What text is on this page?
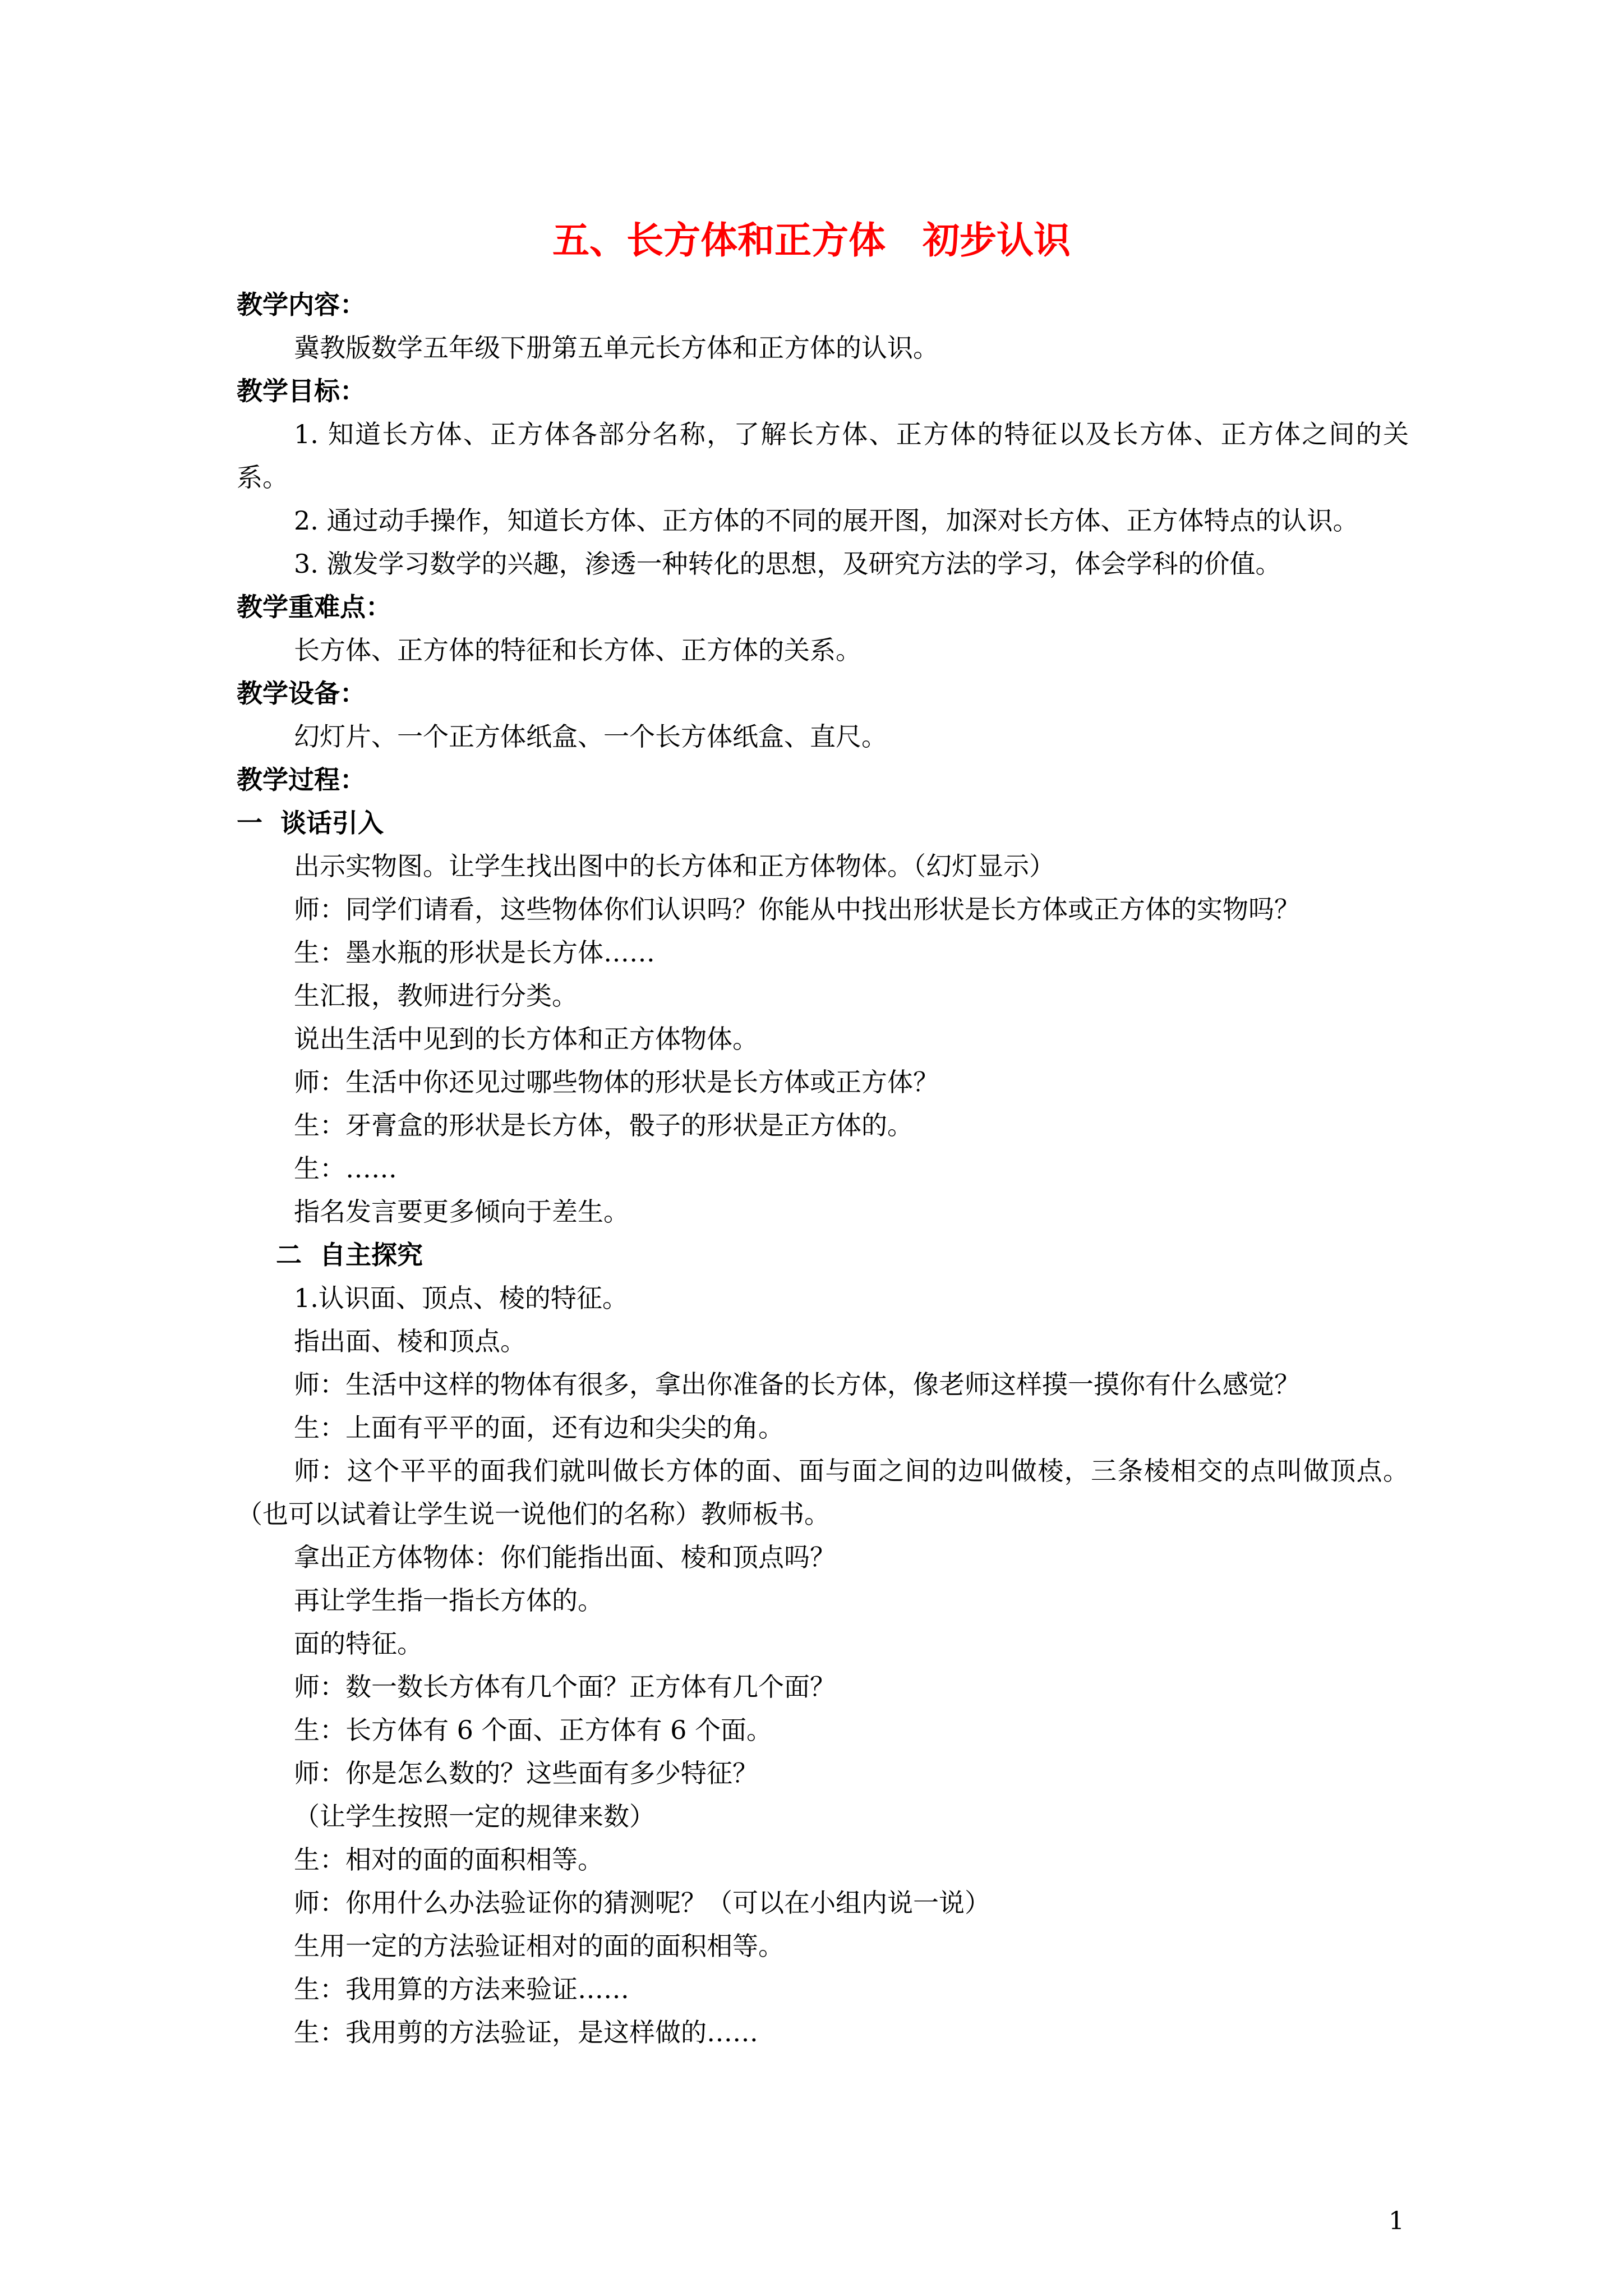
五、长方体和正方体　初步认识
教学内容：
冀教版数学五年级下册第五单元长方体和正方体的认识。
教学目标：
1. 知道长方体、正方体各部分名称，了解长方体、正方体的特征以及长方体、正方体之间的关系。
2. 通过动手操作，知道长方体、正方体的不同的展开图，加深对长方体、正方体特点的认识。
3. 激发学习数学的兴趣，渗透一种转化的思想，及研究方法的学习，体会学科的价值。
教学重难点：
长方体、正方体的特征和长方体、正方体的关系。
教学设备：
幻灯片、一个正方体纸盒、一个长方体纸盒、直尺。
教学过程：
一  谈话引入
出示实物图。让学生找出图中的长方体和正方体物体。（幻灯显示）
师：同学们请看，这些物体你们认识吗？你能从中找出形状是长方体或正方体的实物吗？
生：墨水瓶的形状是长方体……
生汇报，教师进行分类。
说出生活中见到的长方体和正方体物体。
师：生活中你还见过哪些物体的形状是长方体或正方体？
生：牙膏盒的形状是长方体，骰子的形状是正方体的。
生：……
指名发言要更多倾向于差生。
二  自主探究
1.认识面、顶点、棱的特征。
指出面、棱和顶点。
师：生活中这样的物体有很多，拿出你准备的长方体，像老师这样摸一摸你有什么感觉？
生：上面有平平的面，还有边和尖尖的角。
师：这个平平的面我们就叫做长方体的面、面与面之间的边叫做棱，三条棱相交的点叫做顶点。（也可以试着让学生说一说他们的名称）教师板书。
拿出正方体物体：你们能指出面、棱和顶点吗？
再让学生指一指长方体的。
面的特征。
师：数一数长方体有几个面？正方体有几个面？
生：长方体有 6 个面、正方体有 6 个面。
师：你是怎么数的？这些面有多少特征？
（让学生按照一定的规律来数）
生：相对的面的面积相等。
师：你用什么办法验证你的猜测呢？（可以在小组内说一说）
生用一定的方法验证相对的面的面积相等。
生：我用算的方法来验证……
生：我用剪的方法验证，是这样做的……
1
